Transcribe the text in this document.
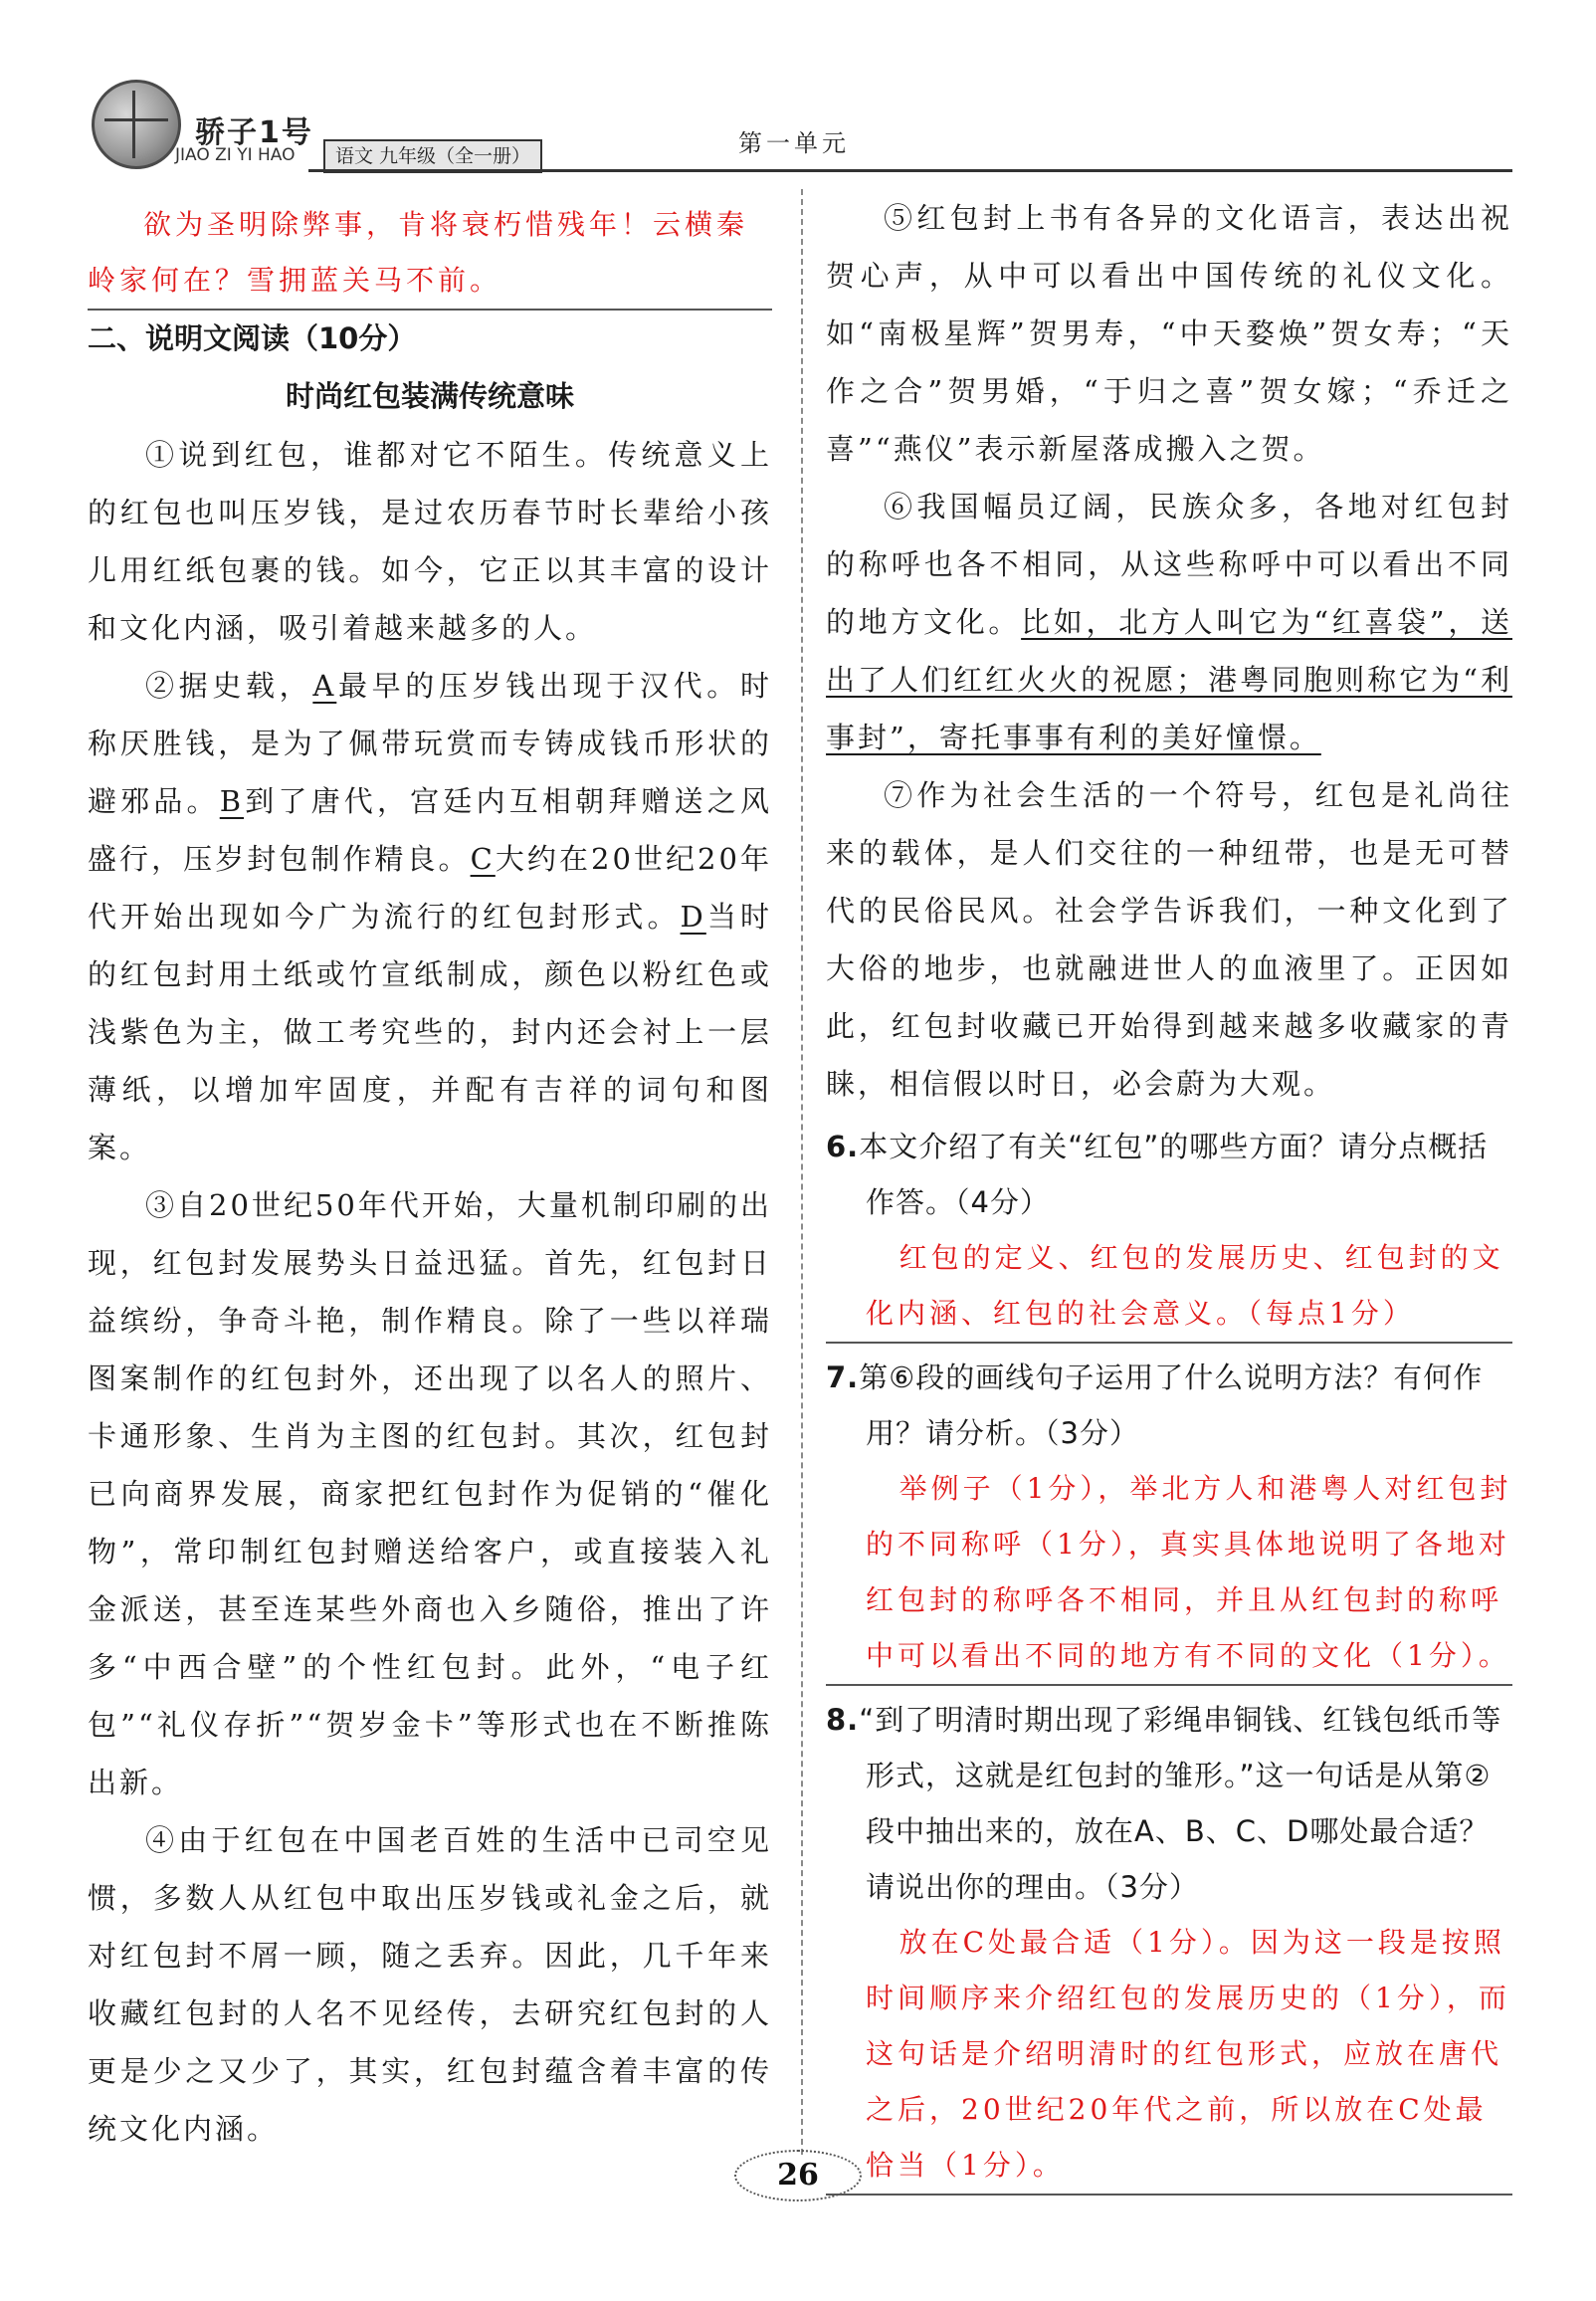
骄子1号
JIAO ZI YI HAO	语文 九年级（全一册）	第一单元

欲为圣明除弊事，肯将衰朽惜残年！云横秦岭家何在？雪拥蓝关马不前。

二、说明文阅读（10分）

时尚红包装满传统意味

①说到红包，谁都对它不陌生。传统意义上的红包也叫压岁钱，是过农历春节时长辈给小孩儿用红纸包裹的钱。如今，它正以其丰富的设计和文化内涵，吸引着越来越多的人。

②据史载，A最早的压岁钱出现于汉代。时称厌胜钱，是为了佩带玩赏而专铸成钱币形状的避邪品。B到了唐代，宫廷内互相朝拜赠送之风盛行，压岁封包制作精良。C大约在20世纪20年代开始出现如今广为流行的红包封形式。D当时的红包封用土纸或竹宣纸制成，颜色以粉红色或浅紫色为主，做工考究些的，封内还会衬上一层薄纸，以增加牢固度，并配有吉祥的词句和图案。

③自20世纪50年代开始，大量机制印刷的出现，红包封发展势头日益迅猛。首先，红包封日益缤纷，争奇斗艳，制作精良。除了一些以祥瑞图案制作的红包封外，还出现了以名人的照片、卡通形象、生肖为主图的红包封。其次，红包封已向商界发展，商家把红包封作为促销的“催化物”，常印制红包封赠送给客户，或直接装入礼金派送，甚至连某些外商也入乡随俗，推出了许多“中西合壁”的个性红包封。此外，“电子红包”“礼仪存折”“贺岁金卡”等形式也在不断推陈出新。

④由于红包在中国老百姓的生活中已司空见惯，多数人从红包中取出压岁钱或礼金之后，就对红包封不屑一顾，随之丢弃。因此，几千年来收藏红包封的人名不见经传，去研究红包封的人更是少之又少了，其实，红包封蕴含着丰富的传统文化内涵。

⑤红包封上书有各异的文化语言，表达出祝贺心声，从中可以看出中国传统的礼仪文化。如“南极星辉”贺男寿，“中天婺焕”贺女寿；“天作之合”贺男婚，“于归之喜”贺女嫁；“乔迁之喜”“燕仪”表示新屋落成搬入之贺。

⑥我国幅员辽阔，民族众多，各地对红包封的称呼也各不相同，从这些称呼中可以看出不同的地方文化。比如，北方人叫它为“红喜袋”，送出了人们红红火火的祝愿；港粤同胞则称它为“利事封”，寄托事事有利的美好憧憬。

⑦作为社会生活的一个符号，红包是礼尚往来的载体，是人们交往的一种纽带，也是无可替代的民俗民风。社会学告诉我们，一种文化到了大俗的地步，也就融进世人的血液里了。正因如此，红包封收藏已开始得到越来越多收藏家的青睐，相信假以时日，必会蔚为大观。

6.本文介绍了有关“红包”的哪些方面？请分点概括作答。（4分）

红包的定义、红包的发展历史、红包封的文化内涵、红包的社会意义。（每点1分）

7.第⑥段的画线句子运用了什么说明方法？有何作用？请分析。（3分）

举例子（1分），举北方人和港粤人对红包封的不同称呼（1分），真实具体地说明了各地对红包封的称呼各不相同，并且从红包封的称呼中可以看出不同的地方有不同的文化（1分）。

8.“到了明清时期出现了彩绳串铜钱、红钱包纸币等形式，这就是红包封的雏形。”这一句话是从第②段中抽出来的，放在A、B、C、D哪处最合适？请说出你的理由。（3分）

放在C处最合适（1分）。因为这一段是按照时间顺序来介绍红包的发展历史的（1分），而这句话是介绍明清时的红包形式，应放在唐代之后，20世纪20年代之前，所以放在C处最恰当（1分）。

26
